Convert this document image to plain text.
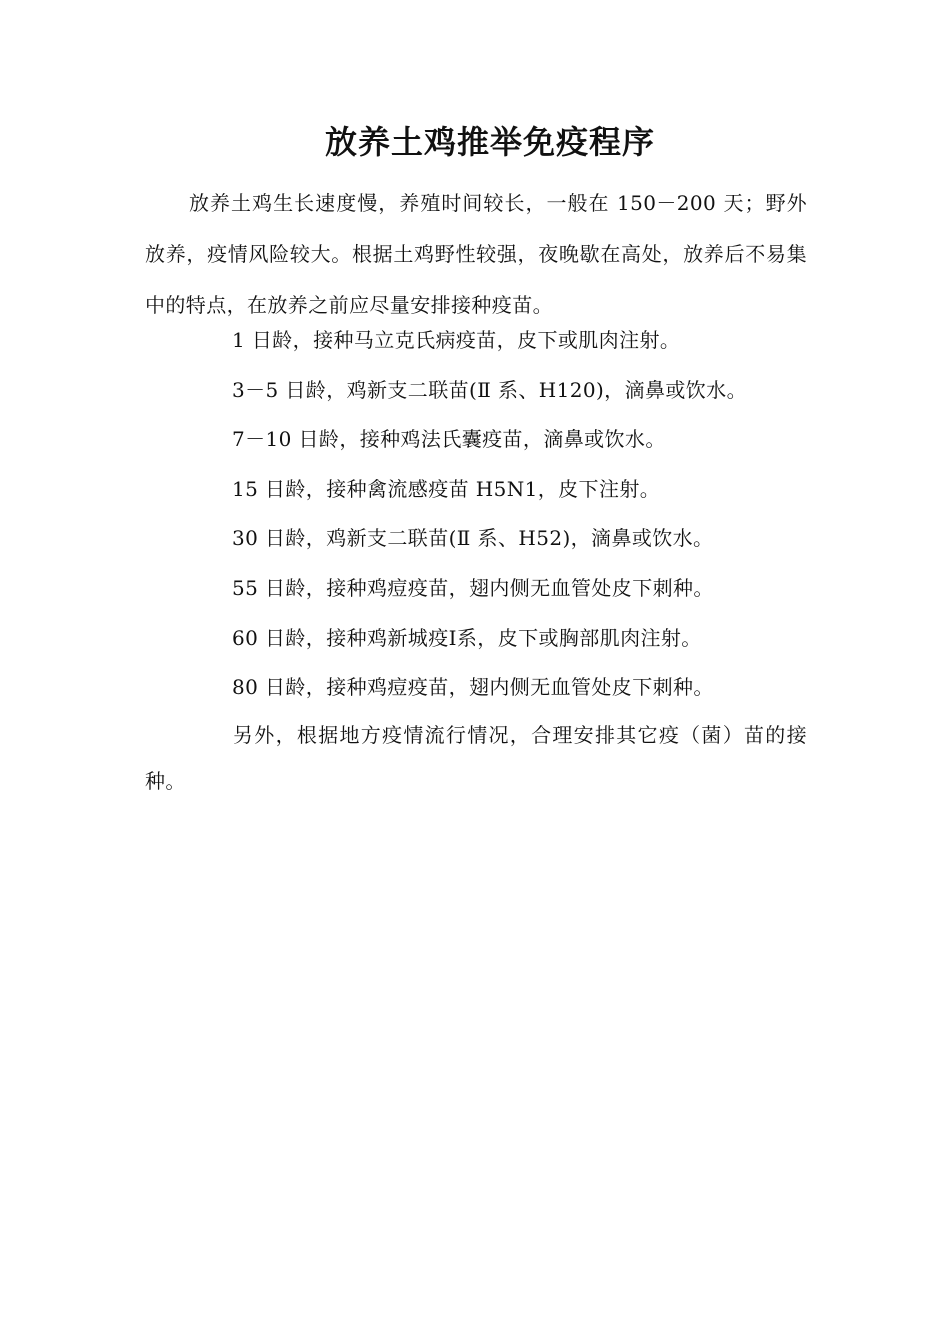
放养土鸡推举免疫程序

放养土鸡生长速度慢，养殖时间较长，一般在 150－200 天；野外放养，疫情风险较大。根据土鸡野性较强，夜晚歇在高处，放养后不易集中的特点，在放养之前应尽量安排接种疫苗。

1 日龄，接种马立克氏病疫苗，皮下或肌肉注射。
3－5 日龄，鸡新支二联苗(Ⅱ 系、H120)，滴鼻或饮水。
7－10 日龄，接种鸡法氏囊疫苗，滴鼻或饮水。
15 日龄，接种禽流感疫苗 H5N1，皮下注射。
30 日龄，鸡新支二联苗(Ⅱ 系、H52)，滴鼻或饮水。
55 日龄，接种鸡痘疫苗，翅内侧无血管处皮下刺种。
60 日龄，接种鸡新城疫Ⅰ系，皮下或胸部肌肉注射。
80 日龄，接种鸡痘疫苗，翅内侧无血管处皮下刺种。

另外，根据地方疫情流行情况，合理安排其它疫（菌）苗的接种。
